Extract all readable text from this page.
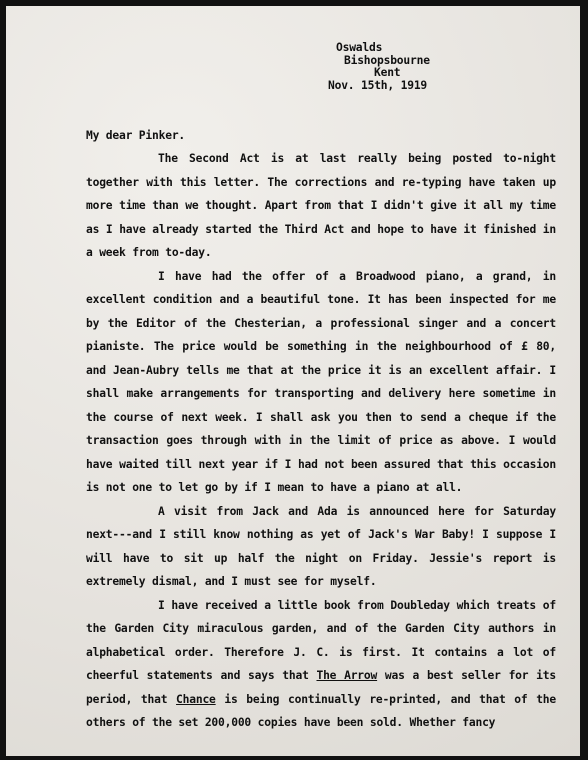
Oswalds
Bishopsbourne
Kent
Nov. 15th, 1919
My dear Pinker.

The Second Act is at last really being posted to-night together with this letter. The corrections and re-typing have taken up more time than we thought. Apart from that I didn't give it all my time as I have already started the Third Act and hope to have it finished in a week from to-day.

I have had the offer of a Broadwood piano, a grand, in excellent condition and a beautiful tone. It has been inspected for me by the Editor of the Chesterian, a professional singer and a concert pianiste. The price would be something in the neighbourhood of £ 80, and Jean-Aubry tells me that at the price it is an excellent affair. I shall make arrangements for transporting and delivery here sometime in the course of next week. I shall ask you then to send a cheque if the transaction goes through with in the limit of price as above. I would have waited till next year if I had not been assured that this occasion is not one to let go by if I mean to have a piano at all.

A visit from Jack and Ada is announced here for Saturday next---and I still know nothing as yet of Jack's War Baby! I suppose I will have to sit up half the night on Friday. Jessie's report is extremely dismal, and I must see for myself.

I have received a little book from Doubleday which treats of the Garden City miraculous garden, and of the Garden City authors in alphabetical order. Therefore J. C. is first. It contains a lot of cheerful statements and says that The Arrow was a best seller for its period, that Chance is being continually re-printed, and that of the others of the set 200,000 copies have been sold. Whether fancy
